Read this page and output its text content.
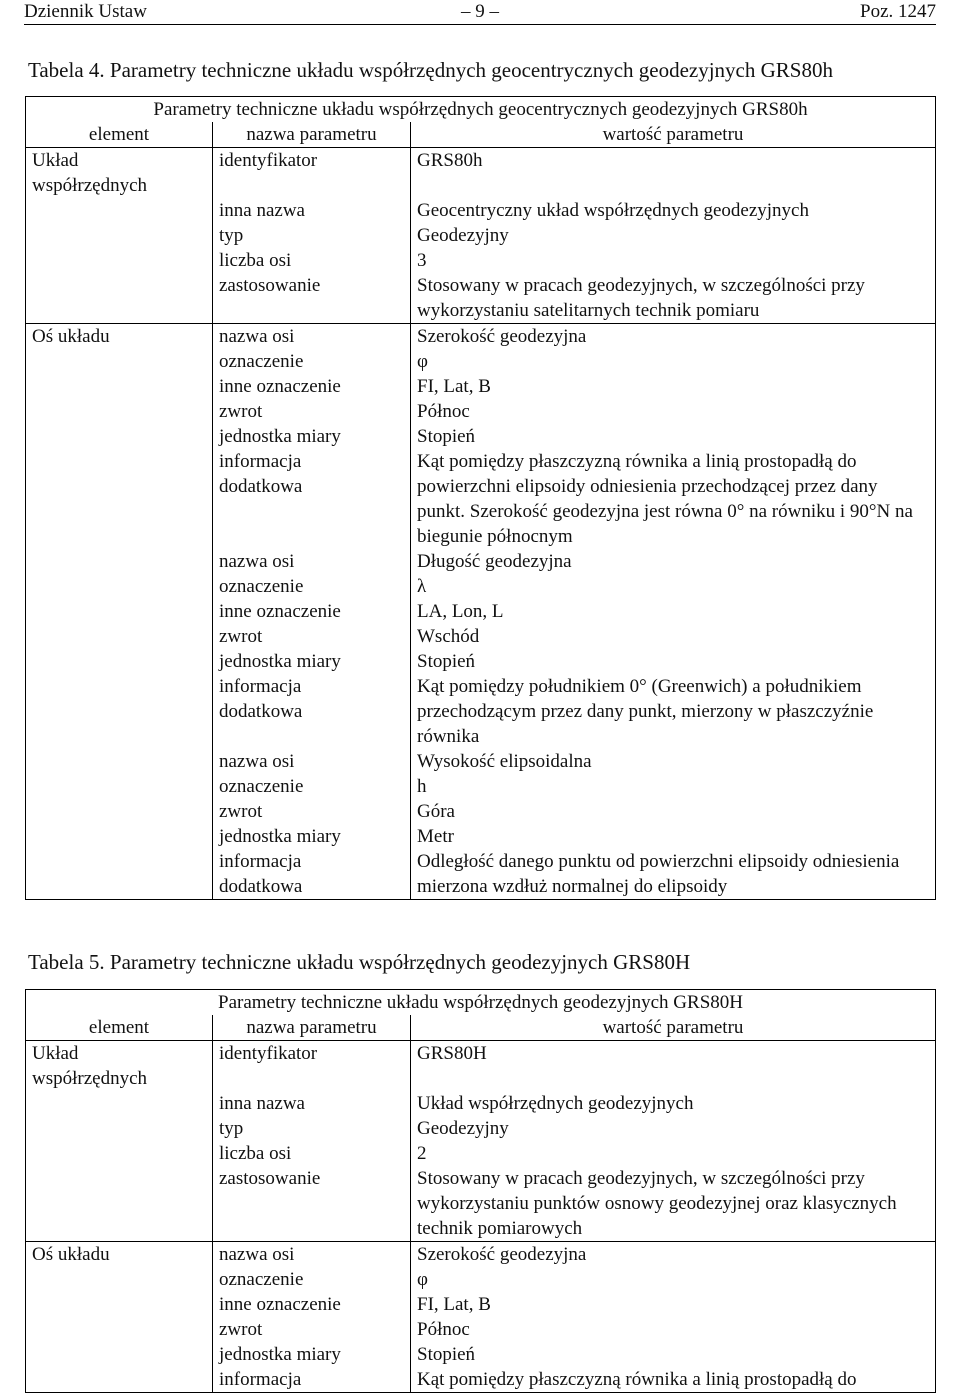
Dziennik Ustaw	– 9 –	Poz. 1247
Tabela 4. Parametry techniczne układu współrzędnych geocentrycznych geodezyjnych GRS80h
Parametry techniczne układu współrzędnych geocentrycznych geodezyjnych GRS80h		
element	nazwa parametru	wartość parametru
Układ współrzędnych	identyfikator	GRS80h
	inna nazwa	Geocentryczny układ współrzędnych geodezyjnych
	typ	Geodezyjny
	liczba osi	3
	zastosowanie	Stosowany w pracach geodezyjnych, w szczególności przy wykorzystaniu satelitarnych technik pomiaru
Oś układu	nazwa osi	Szerokość geodezyjna
	oznaczenie	φ
	inne oznaczenie	FI, Lat, B
	zwrot	Północ
	jednostka miary	Stopień
	informacja dodatkowa	Kąt pomiędzy płaszczyzną równika a linią prostopadłą do powierzchni elipsoidy odniesienia przechodzącej przez dany punkt. Szerokość geodezyjna jest równa 0° na równiku i 90°N na biegunie północnym
	nazwa osi	Długość geodezyjna
	oznaczenie	λ
	inne oznaczenie	LA, Lon, L
	zwrot	Wschód
	jednostka miary	Stopień
	informacja dodatkowa	Kąt pomiędzy południkiem 0° (Greenwich) a południkiem przechodzącym przez dany punkt, mierzony w płaszczyźnie równika
	nazwa osi	Wysokość elipsoidalna
	oznaczenie	h
	zwrot	Góra
	jednostka miary	Metr
	informacja dodatkowa	Odległość danego punktu od powierzchni elipsoidy odniesienia mierzona wzdłuż normalnej do elipsoidy
Tabela 5. Parametry techniczne układu współrzędnych geodezyjnych GRS80H
Parametry techniczne układu współrzędnych geodezyjnych GRS80H		
element	nazwa parametru	wartość parametru
Układ współrzędnych	identyfikator	GRS80H
	inna nazwa	Układ współrzędnych geodezyjnych
	typ	Geodezyjny
	liczba osi	2
	zastosowanie	Stosowany w pracach geodezyjnych, w szczególności przy wykorzystaniu punktów osnowy geodezyjnej oraz klasycznych technik pomiarowych
Oś układu	nazwa osi	Szerokość geodezyjna
	oznaczenie	φ
	inne oznaczenie	FI, Lat, B
	zwrot	Północ
	jednostka miary	Stopień
	informacja	Kąt pomiędzy płaszczyzną równika a linią prostopadłą do
